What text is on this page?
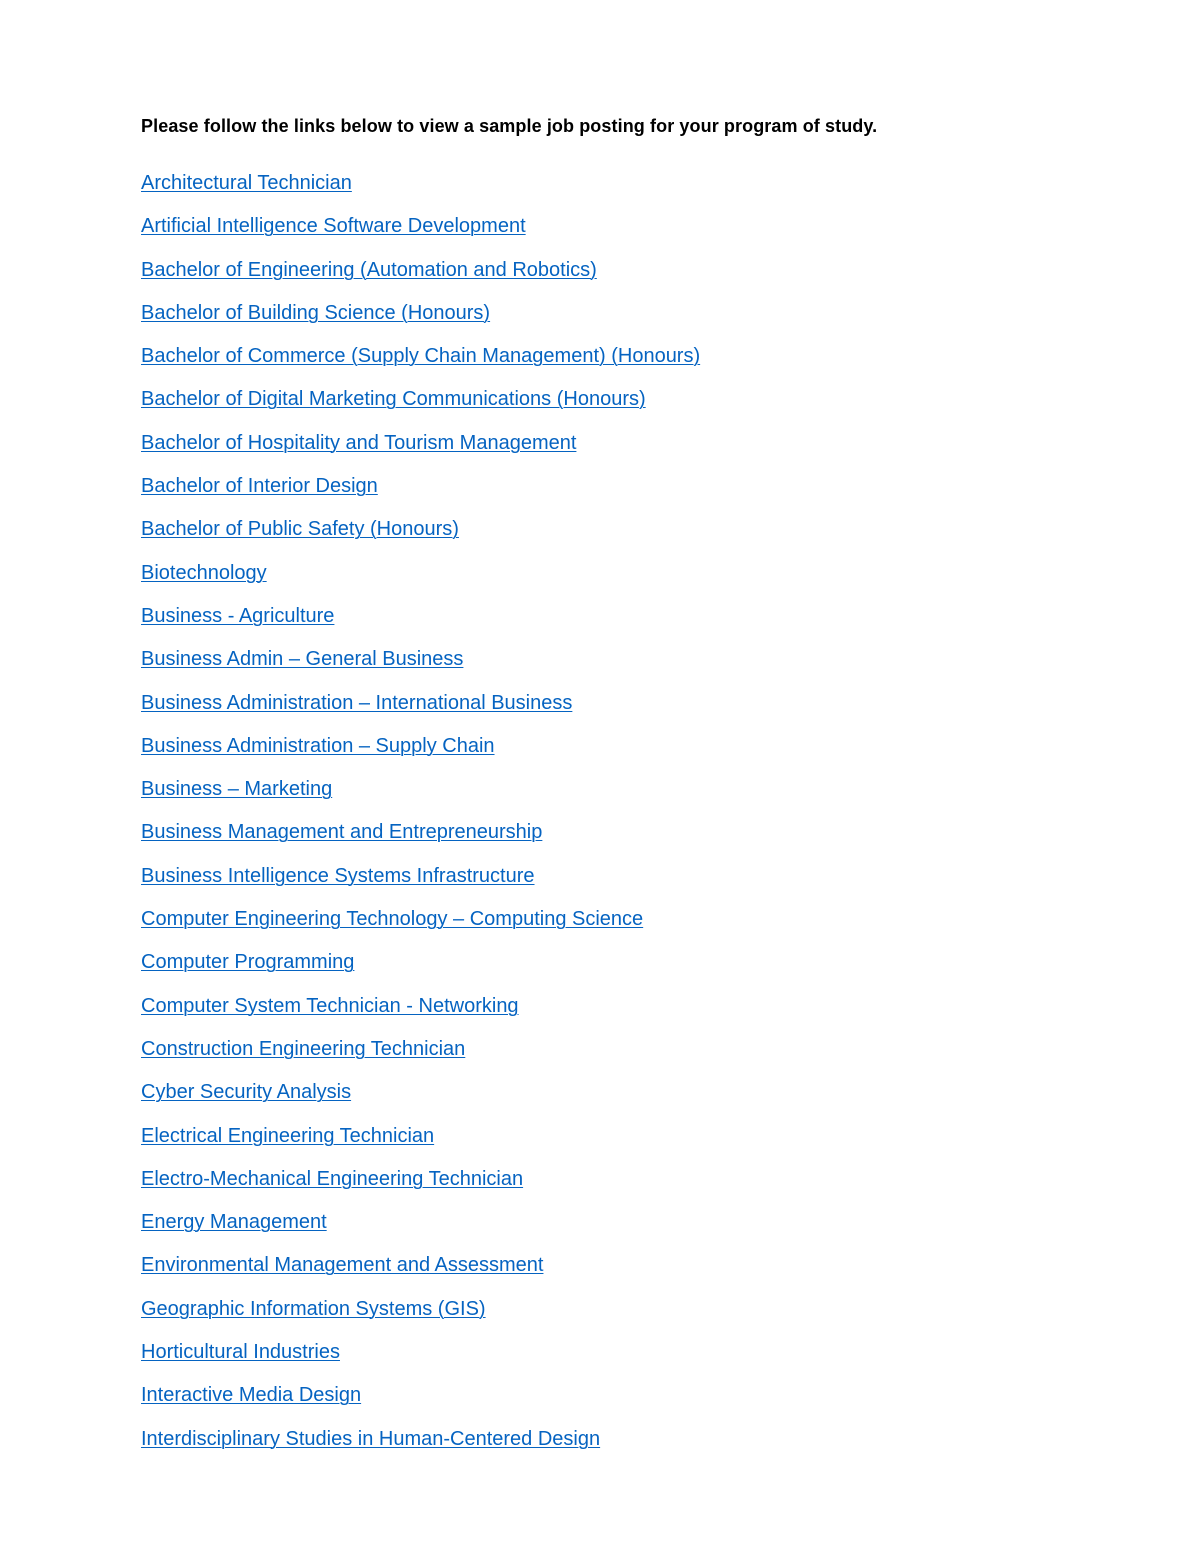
Please follow the links below to view a sample job posting for your program of study.
Architectural Technician
Artificial Intelligence Software Development
Bachelor of Engineering (Automation and Robotics)
Bachelor of Building Science (Honours)
Bachelor of Commerce (Supply Chain Management) (Honours)
Bachelor of Digital Marketing Communications (Honours)
Bachelor of Hospitality and Tourism Management
Bachelor of Interior Design
Bachelor of Public Safety (Honours)
Biotechnology
Business - Agriculture
Business Admin – General Business
Business Administration – International Business
Business Administration – Supply Chain
Business – Marketing
Business Management and Entrepreneurship
Business Intelligence Systems Infrastructure
Computer Engineering Technology – Computing Science
Computer Programming
Computer System Technician - Networking
Construction Engineering Technician
Cyber Security Analysis
Electrical Engineering Technician
Electro-Mechanical Engineering Technician
Energy Management
Environmental Management and Assessment
Geographic Information Systems (GIS)
Horticultural Industries
Interactive Media Design
Interdisciplinary Studies in Human-Centered Design
